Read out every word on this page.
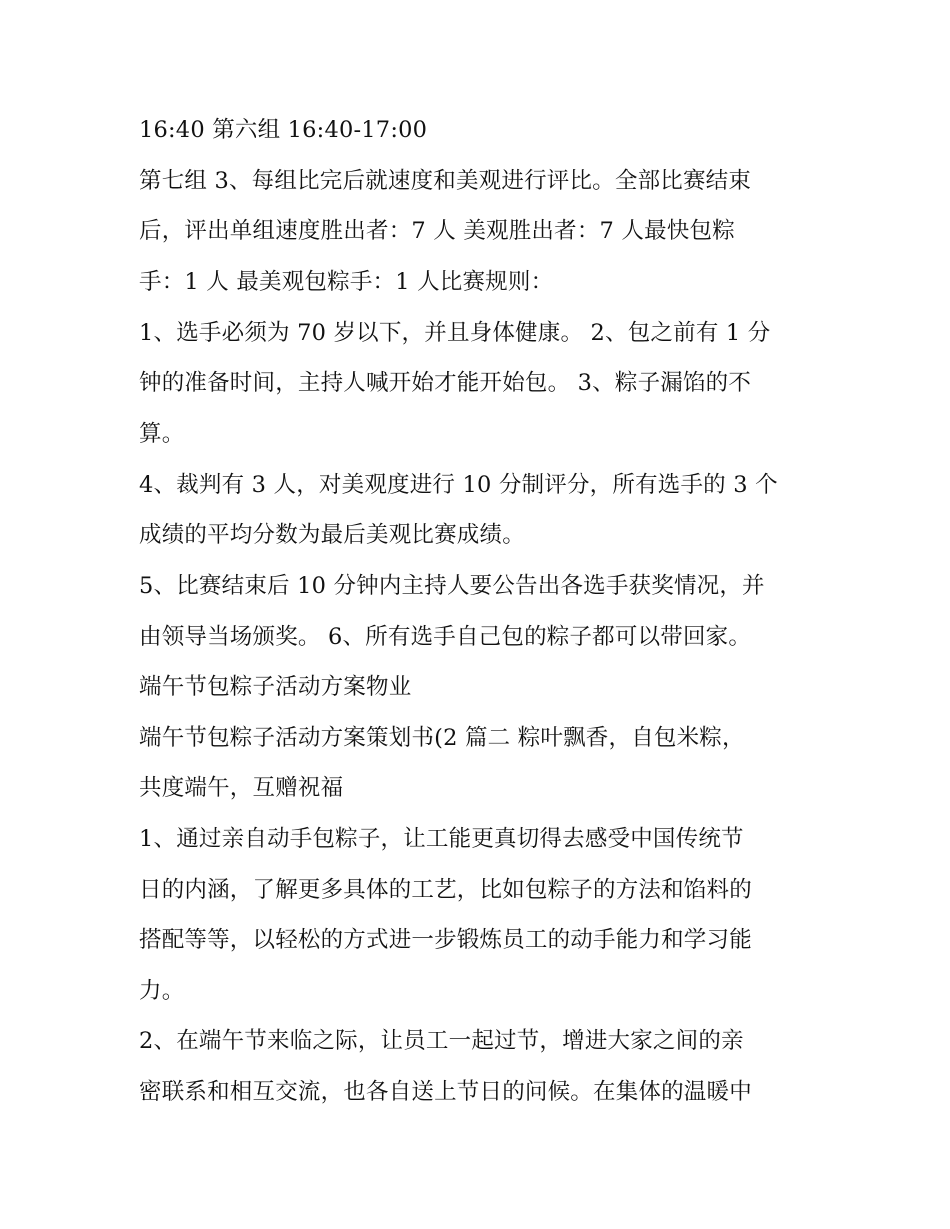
16:40 第六组 16:40-17:00
第七组 3、每组比完后就速度和美观进行评比。全部比赛结束
后，评出单组速度胜出者：7 人 美观胜出者：7 人最快包粽
手：1 人 最美观包粽手：1 人比赛规则：
1、选手必须为 70 岁以下，并且身体健康。 2、包之前有 1 分
钟的准备时间，主持人喊开始才能开始包。 3、粽子漏馅的不
算。
4、裁判有 3 人，对美观度进行 10 分制评分，所有选手的 3 个
成绩的平均分数为最后美观比赛成绩。
5、比赛结束后 10 分钟内主持人要公告出各选手获奖情况，并
由领导当场颁奖。 6、所有选手自己包的粽子都可以带回家。
端午节包粽子活动方案物业
端午节包粽子活动方案策划书(2 篇二 粽叶飘香，自包米粽，
共度端午，互赠祝福
1、通过亲自动手包粽子，让工能更真切得去感受中国传统节
日的内涵，了解更多具体的工艺，比如包粽子的方法和馅料的
搭配等等，以轻松的方式进一步锻炼员工的动手能力和学习能
力。
2、在端午节来临之际，让员工一起过节，增进大家之间的亲
密联系和相互交流，也各自送上节日的问候。在集体的温暖中
